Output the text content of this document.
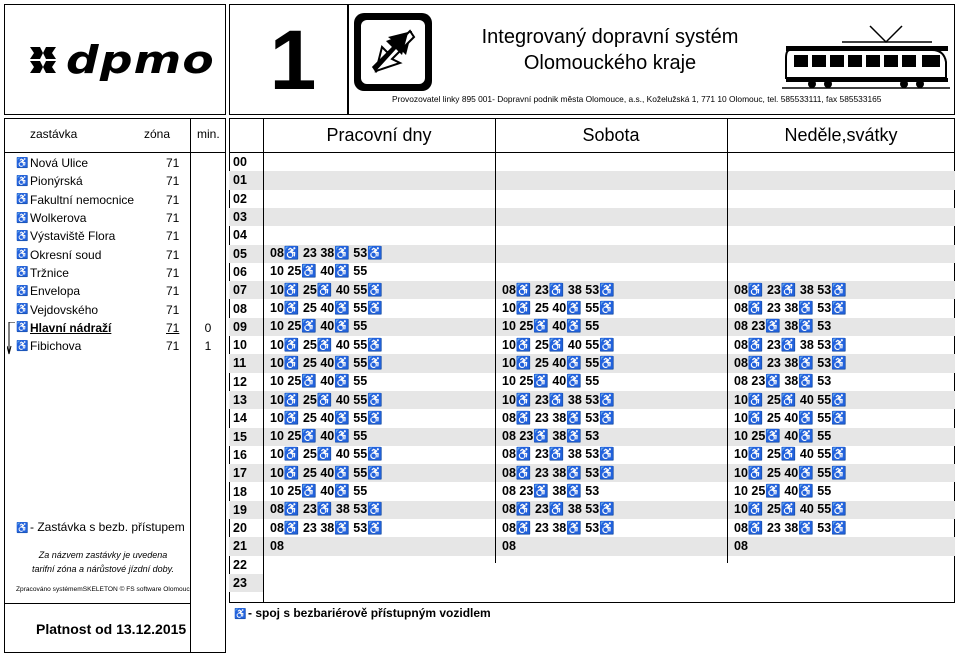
dpmo 1	Integrovaný dopravní systém
Olomouckého kraje
Provozovatel linky 895 001- Dopravní podnik města Olomouce, a.s., Koželužská 1, 771 10 Olomouc, tel. 585533111, fax 585533165
zastávka	zóna min.
♿ Nová Ulice	71
♿ Pionýrská	71
♿ Fakultní nemocnice	71
♿ Wolkerova	71
♿ Výstaviště Flora	71
♿ Okresní soud	71
♿ Tržnice	71
♿ Envelopa	71
♿ Vejdovského	71
♿ Hlavní nádraží	71	0
♿ Fibichova	71	1
♿ - Zastávka s bezb. přístupem
Za názvem zastávky je uvedena
tarifní zóna a nárůstové jízdní doby.
Zpracováno systémemSKELETON © FS software Olomouc
Platnost od 13.12.2015
00
01
02
03
04
05	08♿ 23 38♿ 53♿
06	10 25♿ 40♿ 55
07	10♿ 25♿ 40 55♿	08♿ 23♿ 38 53♿	08♿ 23♿ 38 53♿
08	10♿ 25 40♿ 55♿	10♿ 25 40♿ 55♿	08♿ 23 38♿ 53♿
09	10 25♿ 40♿ 55	10 25♿ 40♿ 55	08 23♿ 38♿ 53
10	10♿ 25♿ 40 55♿	10♿ 25♿ 40 55♿	08♿ 23♿ 38 53♿
11	10♿ 25 40♿ 55♿	10♿ 25 40♿ 55♿	08♿ 23 38♿ 53♿
12	10 25♿ 40♿ 55	10 25♿ 40♿ 55	08 23♿ 38♿ 53
13	10♿ 25♿ 40 55♿	10♿ 23♿ 38 53♿	10♿ 25♿ 40 55♿
14	10♿ 25 40♿ 55♿	08♿ 23 38♿ 53♿	10♿ 25 40♿ 55♿
15	10 25♿ 40♿ 55	08 23♿ 38♿ 53	10 25♿ 40♿ 55
16	10♿ 25♿ 40 55♿	08♿ 23♿ 38 53♿	10♿ 25♿ 40 55♿
17	10♿ 25 40♿ 55♿	08♿ 23 38♿ 53♿	10♿ 25 40♿ 55♿
18	10 25♿ 40♿ 55	08 23♿ 38♿ 53	10 25♿ 40♿ 55
19	08♿ 23♿ 38 53♿	08♿ 23♿ 38 53♿	10♿ 25♿ 40 55♿
20	08♿ 23 38♿ 53♿	08♿ 23 38♿ 53♿	08♿ 23 38♿ 53♿
21	08	08	08
22
23
Pracovní dny	Sobota	Neděle,svátky
♿ - spoj s bezbariérově přístupným vozidlem
